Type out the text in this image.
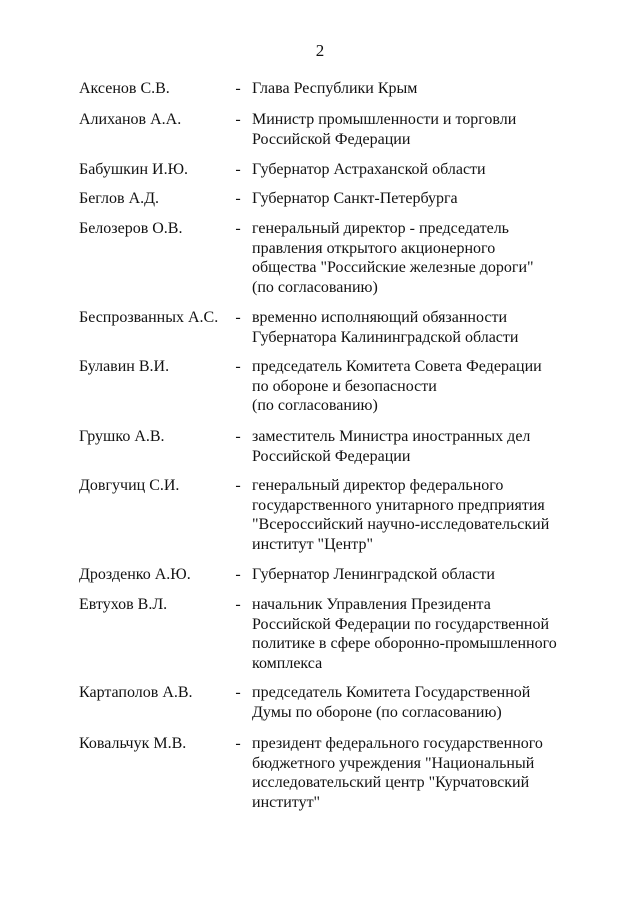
2
Аксенов С.В.	- Глава Республики Крым
Алиханов А.А.	- Министр промышленности и торговли
Российской Федерации
Бабушкин И.Ю.	- Губернатор Астраханской области
Беглов А.Д.	- Губернатор Санкт-Петербурга
Белозеров О.В.	- генеральный директор - председатель
правления открытого акционерного
общества "Российские железные дороги"
(по согласованию)
Беспрозванных А.С.	- временно исполняющий обязанности
Губернатора Калининградской области
Булавин В.И.	- председатель Комитета Совета Федерации
по обороне и безопасности
(по согласованию)
Грушко А.В.	- заместитель Министра иностранных дел
Российской Федерации
Довгучиц С.И.	- генеральный директор федерального
государственного унитарного предприятия
"Всероссийский научно-исследовательский
институт "Центр"
Дрозденко А.Ю.	- Губернатор Ленинградской области
Евтухов В.Л.	- начальник Управления Президента
Российской Федерации по государственной
политике в сфере оборонно-промышленного
комплекса
Картаполов А.В.	- председатель Комитета Государственной
Думы по обороне (по согласованию)
Ковальчук М.В.	- президент федерального государственного
бюджетного учреждения "Национальный
исследовательский центр "Курчатовский
институт"
